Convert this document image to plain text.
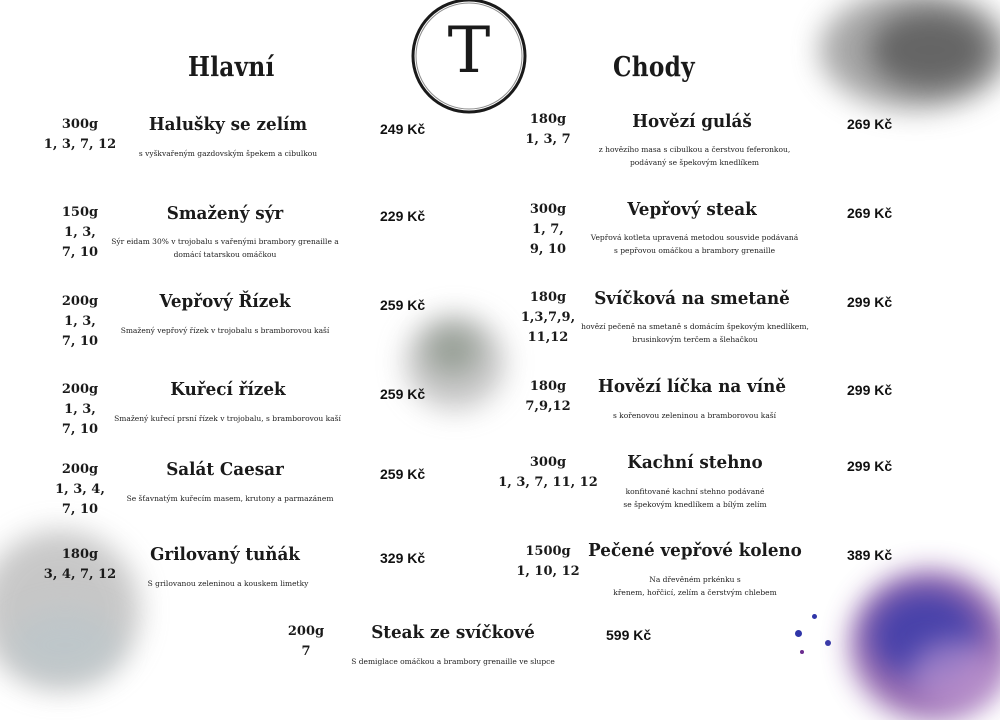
T
Hlavní	Chody
300g
1, 3, 7, 12
Halušky se zelím
s vyškvařeným gazdovským špekem a cibulkou
249 Kč
150g
1, 3,
7, 10
Smažený sýr
Sýr eidam 30% v trojobalu s vařenými brambory grenaille a
domácí tatarskou omáčkou
229 Kč
200g
1, 3,
7, 10
Vepřový Řízek
Smažený vepřový řízek v trojobalu s bramborovou kaší
259 Kč
200g
1, 3,
7, 10
Kuřecí řízek
Smažený kuřecí prsní řízek v trojobalu, s bramborovou kaší
259 Kč
200g
1, 3, 4,
7, 10
Salát Caesar
Se šťavnatým kuřecím masem, krutony a parmazánem
259 Kč
180g
3, 4, 7, 12
Grilovaný tuňák
S grilovanou zeleninou a kouskem limetky
329 Kč
180g
1, 3, 7
Hovězí guláš
z hovězího masa s cibulkou a čerstvou feferonkou,
podávaný se špekovým knedlíkem
269 Kč
300g
1, 7,
9, 10
Vepřový steak
Vepřová kotleta upravená metodou sousvide podávaná
s pepřovou omáčkou a brambory grenaille
269 Kč
180g
1,3,7,9,
11,12
Svíčková na smetaně
hovězí pečeně na smetaně s domácím špekovým knedlíkem,
brusinkovým terčem a šlehačkou
299 Kč
180g
7,9,12
Hovězí líčka na víně
s kořenovou zeleninou a bramborovou kaší
299 Kč
300g
1, 3, 7, 11, 12
Kachní stehno
konfitované kachní stehno podávané
se špekovým knedlíkem a bílým zelím
299 Kč
1500g
1, 10, 12
Pečené vepřové koleno
Na dřevěném prkénku s
křenem, hořčicí, zelím a čerstvým chlebem
389 Kč
200g
7
Steak ze svíčkové
S demiglace omáčkou a brambory grenaille ve slupce
599 Kč
